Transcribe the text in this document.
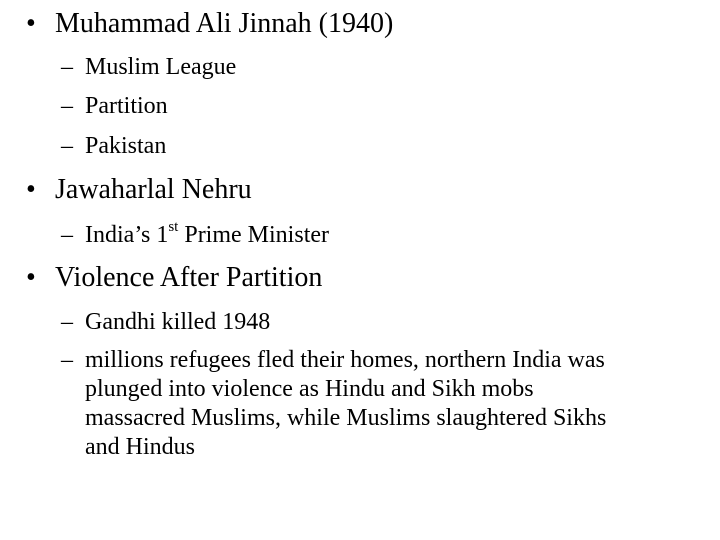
• Muhammad Ali Jinnah (1940)
– Muslim League
– Partition
– Pakistan
• Jawaharlal Nehru
– India’s 1st Prime Minister
• Violence After Partition
– Gandhi killed 1948
– millions refugees fled their homes, northern India was
plunged into violence as Hindu and Sikh mobs
massacred Muslims, while Muslims slaughtered Sikhs
and Hindus
